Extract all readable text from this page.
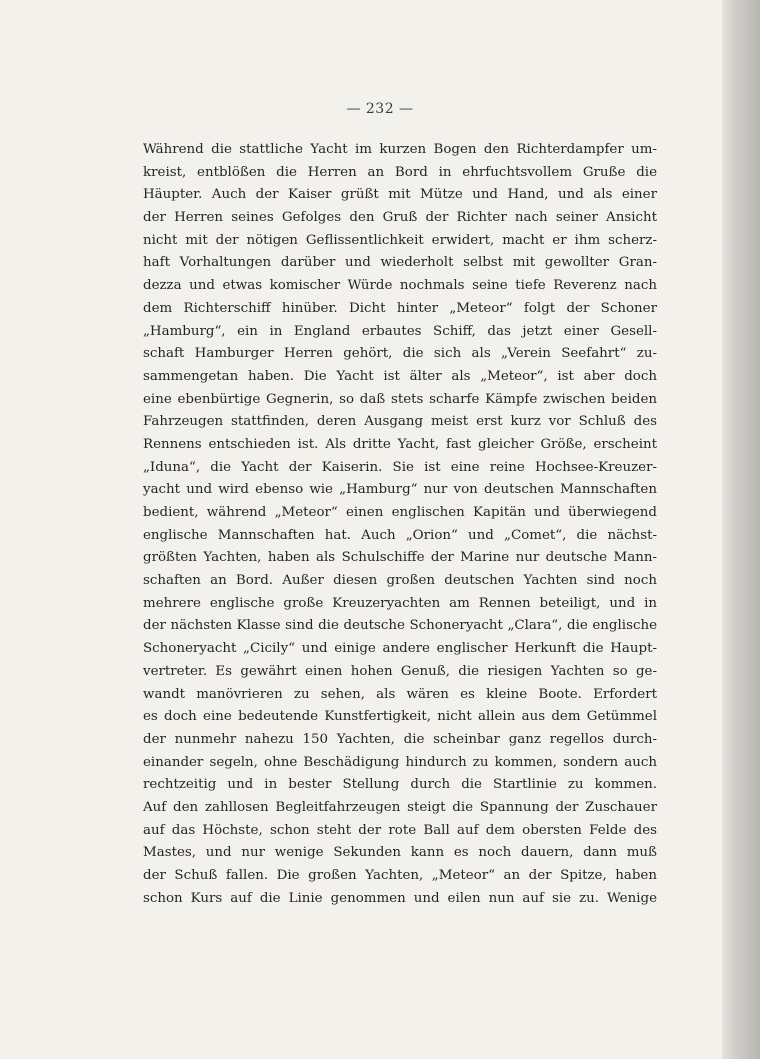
— 232 —
Während die stattliche Yacht im kurzen Bogen den Richterdampfer um-
kreist, entblößen die Herren an Bord in ehrfuchtsvollem Gruße die
Häupter. Auch der Kaiser grüßt mit Mütze und Hand, und als einer
der Herren seines Gefolges den Gruß der Richter nach seiner Ansicht
nicht mit der nötigen Geflissentlichkeit erwidert, macht er ihm scherz-
haft Vorhaltungen darüber und wiederholt selbst mit gewollter Gran-
dezza und etwas komischer Würde nochmals seine tiefe Reverenz nach
dem Richterschiff hinüber. Dicht hinter „Meteor“ folgt der Schoner
„Hamburg“, ein in England erbautes Schiff, das jetzt einer Gesell-
schaft Hamburger Herren gehört, die sich als „Verein Seefahrt“ zu-
sammengetan haben. Die Yacht ist älter als „Meteor“, ist aber doch
eine ebenbürtige Gegnerin, so daß stets scharfe Kämpfe zwischen beiden
Fahrzeugen stattfinden, deren Ausgang meist erst kurz vor Schluß des
Rennens entschieden ist. Als dritte Yacht, fast gleicher Größe, erscheint
„Iduna“, die Yacht der Kaiserin. Sie ist eine reine Hochsee-Kreuzer-
yacht und wird ebenso wie „Hamburg“ nur von deutschen Mannschaften
bedient, während „Meteor“ einen englischen Kapitän und überwiegend
englische Mannschaften hat. Auch „Orion“ und „Comet“, die nächst-
größten Yachten, haben als Schulschiffe der Marine nur deutsche Mann-
schaften an Bord. Außer diesen großen deutschen Yachten sind noch
mehrere englische große Kreuzeryachten am Rennen beteiligt, und in
der nächsten Klasse sind die deutsche Schoneryacht „Clara“, die englische
Schoneryacht „Cicily“ und einige andere englischer Herkunft die Haupt-
vertreter. Es gewährt einen hohen Genuß, die riesigen Yachten so ge-
wandt manövrieren zu sehen, als wären es kleine Boote. Erfordert
es doch eine bedeutende Kunstfertigkeit, nicht allein aus dem Getümmel
der nunmehr nahezu 150 Yachten, die scheinbar ganz regellos durch-
einander segeln, ohne Beschädigung hindurch zu kommen, sondern auch
rechtzeitig und in bester Stellung durch die Startlinie zu kommen.
Auf den zahllosen Begleitfahrzeugen steigt die Spannung der Zuschauer
auf das Höchste, schon steht der rote Ball auf dem obersten Felde des
Mastes, und nur wenige Sekunden kann es noch dauern, dann muß
der Schuß fallen. Die großen Yachten, „Meteor“ an der Spitze, haben
schon Kurs auf die Linie genommen und eilen nun auf sie zu. Wenige
